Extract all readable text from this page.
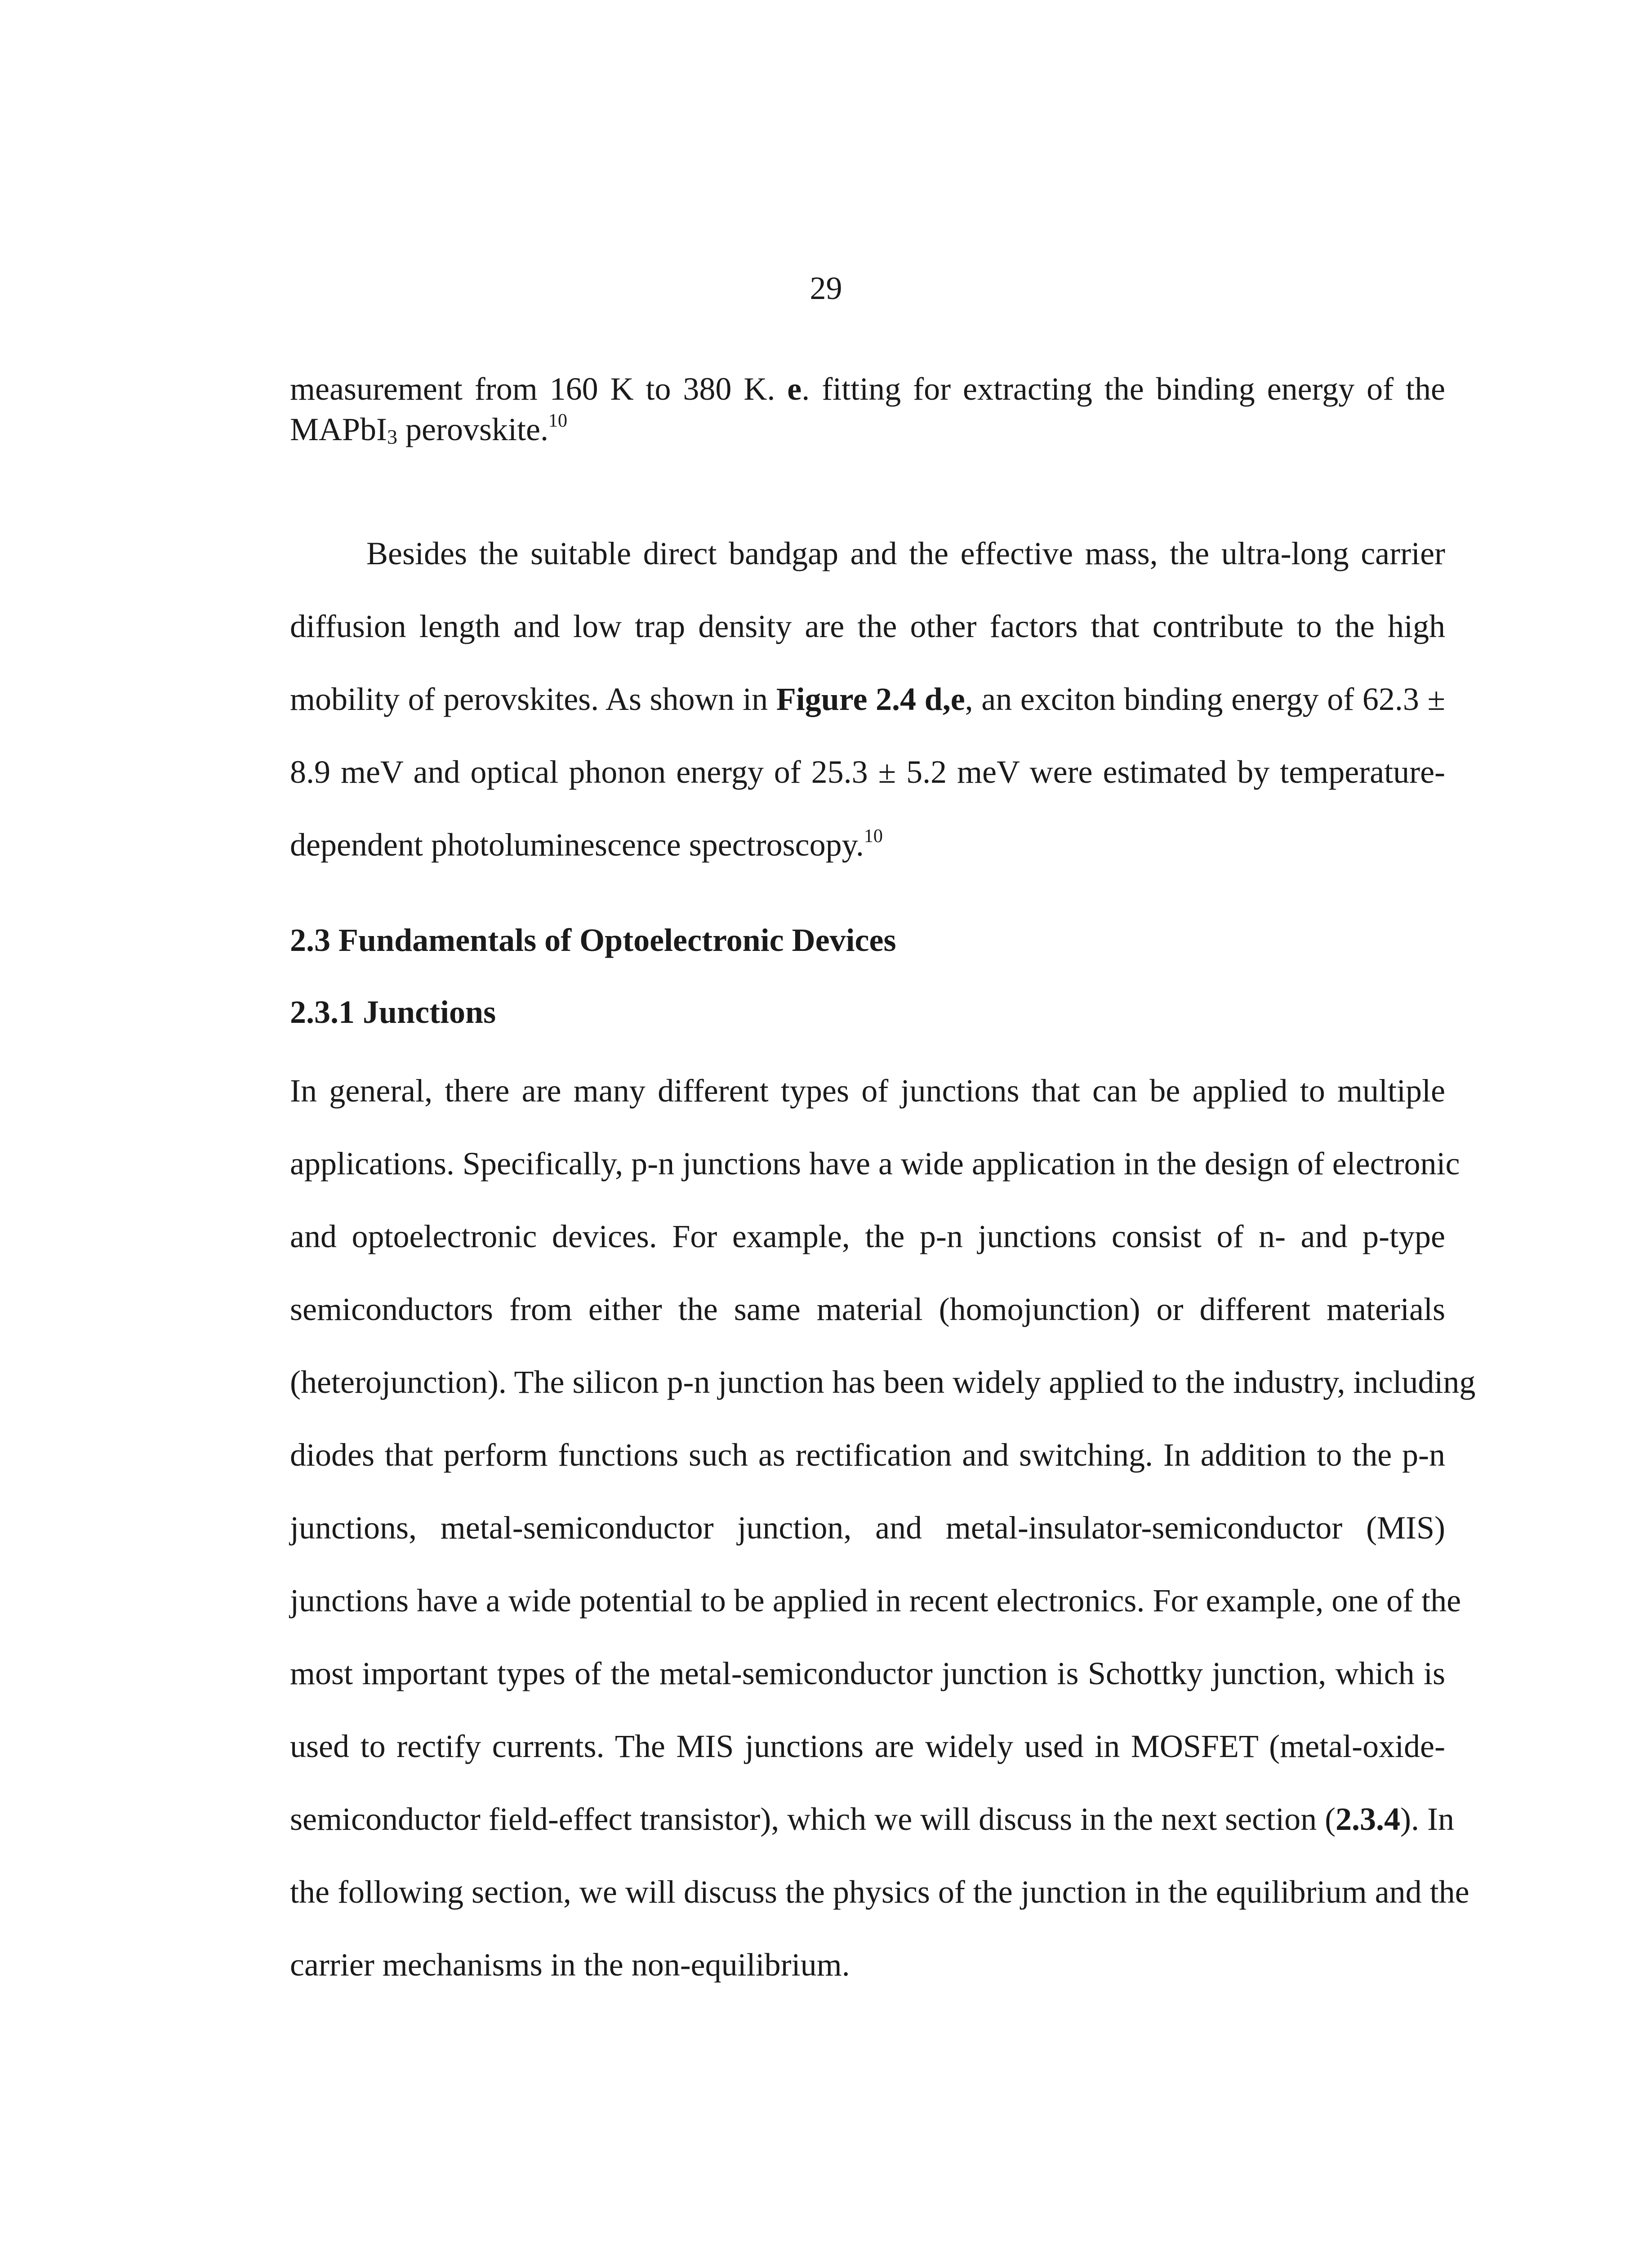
29
measurement from 160 K to 380 K. e. fitting for extracting the binding energy of the
MAPbI$_3$ perovskite.$^{10}$
Besides the suitable direct bandgap and the effective mass, the ultra-long carrier
diffusion length and low trap density are the other factors that contribute to the high
mobility of perovskites. As shown in Figure 2.4 d,e, an exciton binding energy of 62.3 ±
8.9 meV and optical phonon energy of 25.3 ± 5.2 meV were estimated by temperature-
dependent photoluminescence spectroscopy.$^{10}$
2.3 Fundamentals of Optoelectronic Devices
2.3.1 Junctions
In general, there are many different types of junctions that can be applied to multiple
applications. Specifically, p-n junctions have a wide application in the design of electronic
and optoelectronic devices. For example, the p-n junctions consist of n- and p-type
semiconductors from either the same material (homojunction) or different materials
(heterojunction). The silicon p-n junction has been widely applied to the industry, including
diodes that perform functions such as rectification and switching. In addition to the p-n
junctions, metal-semiconductor junction, and metal-insulator-semiconductor (MIS)
junctions have a wide potential to be applied in recent electronics. For example, one of the
most important types of the metal-semiconductor junction is Schottky junction, which is
used to rectify currents. The MIS junctions are widely used in MOSFET (metal-oxide-
semiconductor field-effect transistor), which we will discuss in the next section (2.3.4). In
the following section, we will discuss the physics of the junction in the equilibrium and the
carrier mechanisms in the non-equilibrium.
